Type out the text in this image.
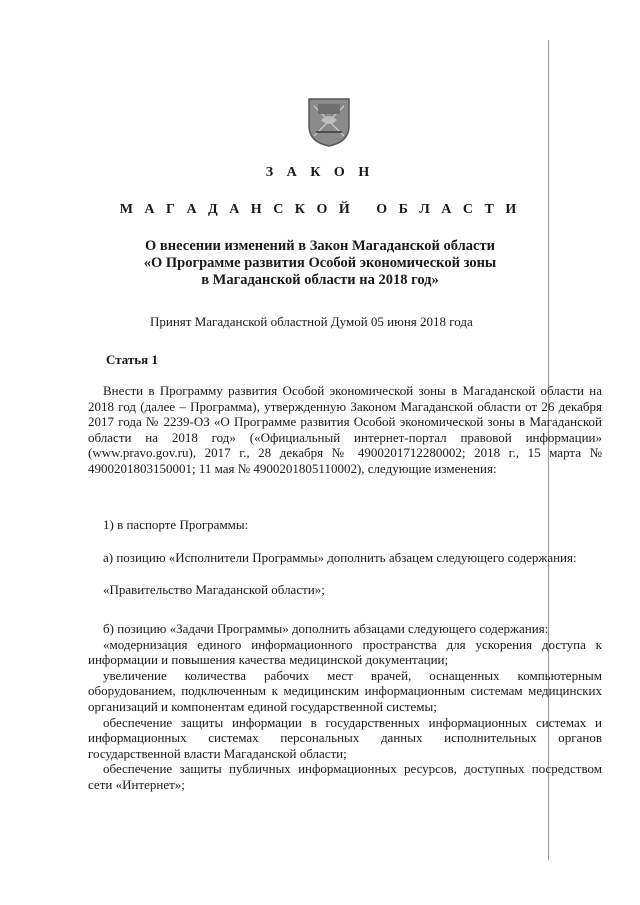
З А К О Н
М А Г А Д А Н С К О Й   О Б Л А С Т И
О внесении изменений в Закон Магаданской области
«О Программе развития Особой экономической зоны
в Магаданской области на 2018 год»
Принят Магаданской областной Думой 05 июня 2018 года
Статья 1

Внести в Программу развития Особой экономической зоны в Магаданской области на 2018 год (далее – Программа), утвержденную Законом Магаданской области от 26 декабря 2017 года № 2239-ОЗ «О Программе развития Особой экономической зоны в Магаданской области на 2018 год» («Официальный интернет-портал правовой информации» (www.pravo.gov.ru), 2017 г., 28 декабря № 4900201712280002; 2018 г., 15 марта № 4900201803150001; 11 мая № 4900201805110002), следующие изменения:

1) в паспорте Программы:

а) позицию «Исполнители Программы» дополнить абзацем следующего содержания:

«Правительство Магаданской области»;

б) позицию «Задачи Программы» дополнить абзацами следующего содержания:

«модернизация единого информационного пространства для ускорения доступа к информации и повышения качества медицинской документации;

увеличение количества рабочих мест врачей, оснащенных компьютерным оборудованием, подключенным к медицинским информационным системам медицинских организаций и компонентам единой государственной системы;

обеспечение защиты информации в государственных информационных системах и информационных системах персональных данных исполнительных органов государственной власти Магаданской области;

обеспечение защиты публичных информационных ресурсов, доступных посредством сети «Интернет»;
